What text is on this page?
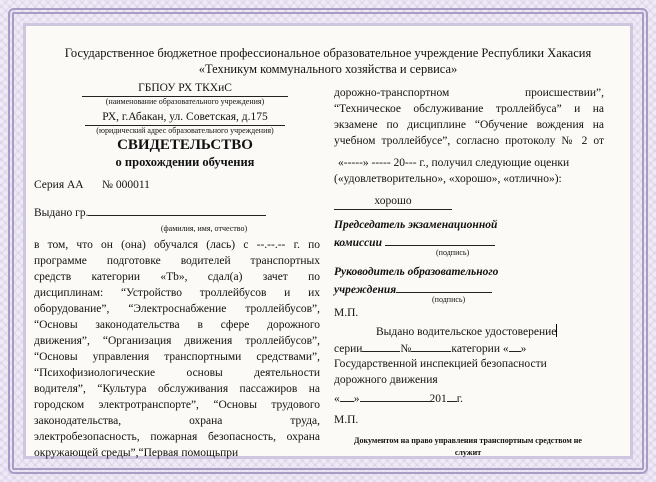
Государственное бюджетное профессиональное образовательное учреждение Республики Хакасия
«Техникум коммунального хозяйства и сервиса»
ГБПОУ РХ ТКХиС
(наименование образовательного учреждения)
РХ, г.Абакан, ул. Советская, д.175
(юридический адрес образовательного учреждения)
СВИДЕТЕЛЬСТВО
о прохождении обучения
Серия АА № 000011
Выдано гр.
(фамилия, имя, отчество)
в том, что он (она) обучался (лась) с --.--.-- г. по
программе подготовке водителей транспортных
средств категории «Tb», сдал(а) зачет по
дисциплинам: “Устройство троллейбусов и их
оборудование”, “Электроснабжение троллейбусов”,
“Основы законодательства в сфере дорожного
движения”, “Организация движения троллейбусов”,
“Основы управления транспортными средствами”,
“Психофизиологические основы деятельности
водителя”, “Культура обслуживания пассажиров на
городском электротранспорте”, “Основы трудового
законодательства, охрана труда,
электробезопасность, пожарная безопасность, охрана
окружающей среды”,“Первая помощьпри
дорожно-транспортном происшествии”,
“Техническое обслуживание троллейбуса” и на
экзамене по дисциплине “Обучение вождения на
учебном троллейбусе”, согласно протоколу № 2 от
«-----» ----- 20--- г., получил следующие оценки
(«удовлетворительно», «хорошо», «отлично»):
хорошо
Председатель экзаменационной
комиссии
(подпись)
Руководитель образовательного
учреждения
(подпись)
М.П.
Выдано водительское удостоверение
серии	№	категории « »
Государственной инспекцией безопасности
дорожного движения
« »	201 г.
М.П.
Документом на право управления транспортным средством не
служит
